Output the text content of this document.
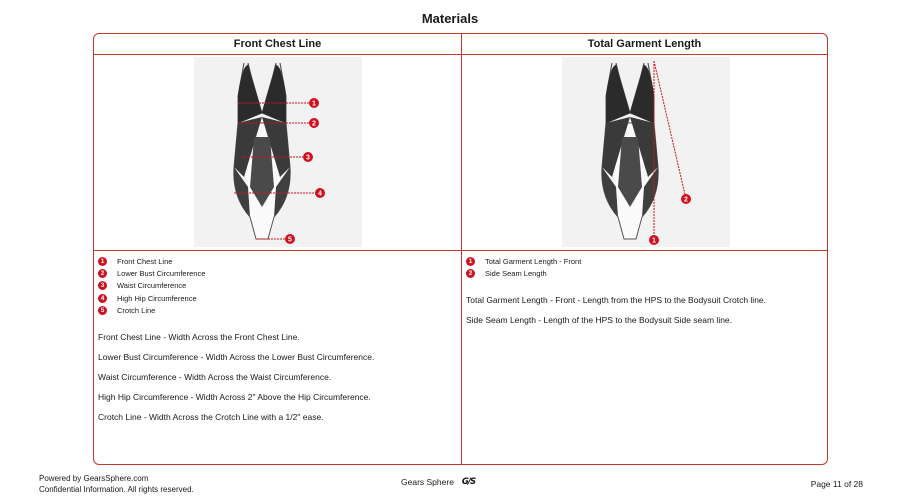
Materials
Front Chest Line
1
2
3
4
5
1	Front Chest Line
2	Lower Bust Circumference
3	Waist Circumference
4	High Hip Circumference
5	Crotch Line
Front Chest Line - Width Across the Front Chest Line.
Lower Bust Circumference - Width Across the Lower Bust Circumference.
Waist Circumference - Width Across the Waist Circumference.
High Hip Circumference - Width Across 2" Above the Hip Circumference.
Crotch Line - Width Across the Crotch Line with a 1/2" ease.
Total Garment Length
1
2
1	Total Garment Length - Front
2	Side Seam Length
Total Garment Length - Front - Length from the HPS to the Bodysuit Crotch line.
Side Seam Length - Length of the HPS to the Bodysuit Side seam line.
Powered by GearsSphere.com
Confidential Information. All rights reserved.
Gears Sphere G/S	Page 11 of 28
